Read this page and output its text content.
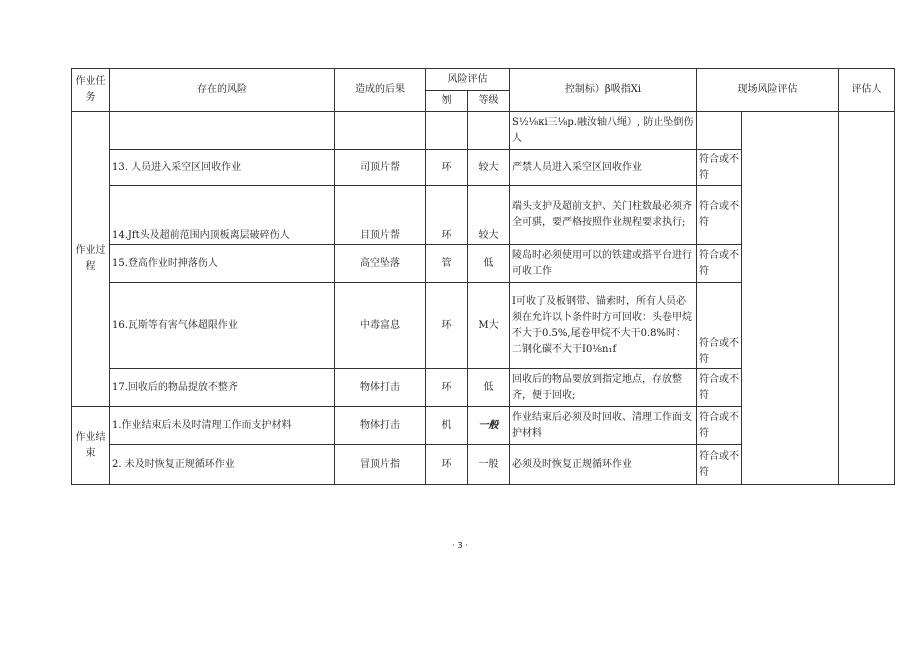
作业任务	存在的风险	造成的后果	风险评估		控制标）β吸指Xi	现场风险评估		评估人
			刎	等级				
作业过程					S½⅛κi三⅛p.融汝轴八绳）, 防止坠倒伤人			
	13. 人员进入采空区回收作业	司顶片帮	环	较大	严禁人员进入采空区回收作业	符合或不符		
	14.Jft头及超前范围内顶板离层破碎伤人	目顶片帮	环	较大	端头支护及超前支护、关门柱数最必须齐全可骐，要严格按照作业规程要求执行;	符合或不符		
	15.登高作业时抻落伤人	高空坠落	管	低	陵岛时必须使用可以的铁建或搭平台进行可收工作	符合或不符		
	16.瓦斯等有害气体超限作业	中毒富息	环	M大	I可收了及板钢带、锚索时，所有人员必须在允许以卜条件时方可回收：头卷甲烷不大于0.5%,尾卷甲烷不大干0.8%时：二钢化碳不大干I0⅛n₁f	符合或不符		
	17.回收后的物品提放不整齐	物体打击	环	低	回收后的物品要放到指定地点，存放整齐，便于回收;	符合或不符		
作业结束	1.作业结束后未及时清理工作而支护材料	物体打击	机	一般	作业结束后必须及时回收、清理工作面支护材料	符合或不符		
	2. 未及时恢复正规循环作业	冒顶片指	环	一般	必须及时恢复正规循环作业	符合或不符		
· 3 ·
